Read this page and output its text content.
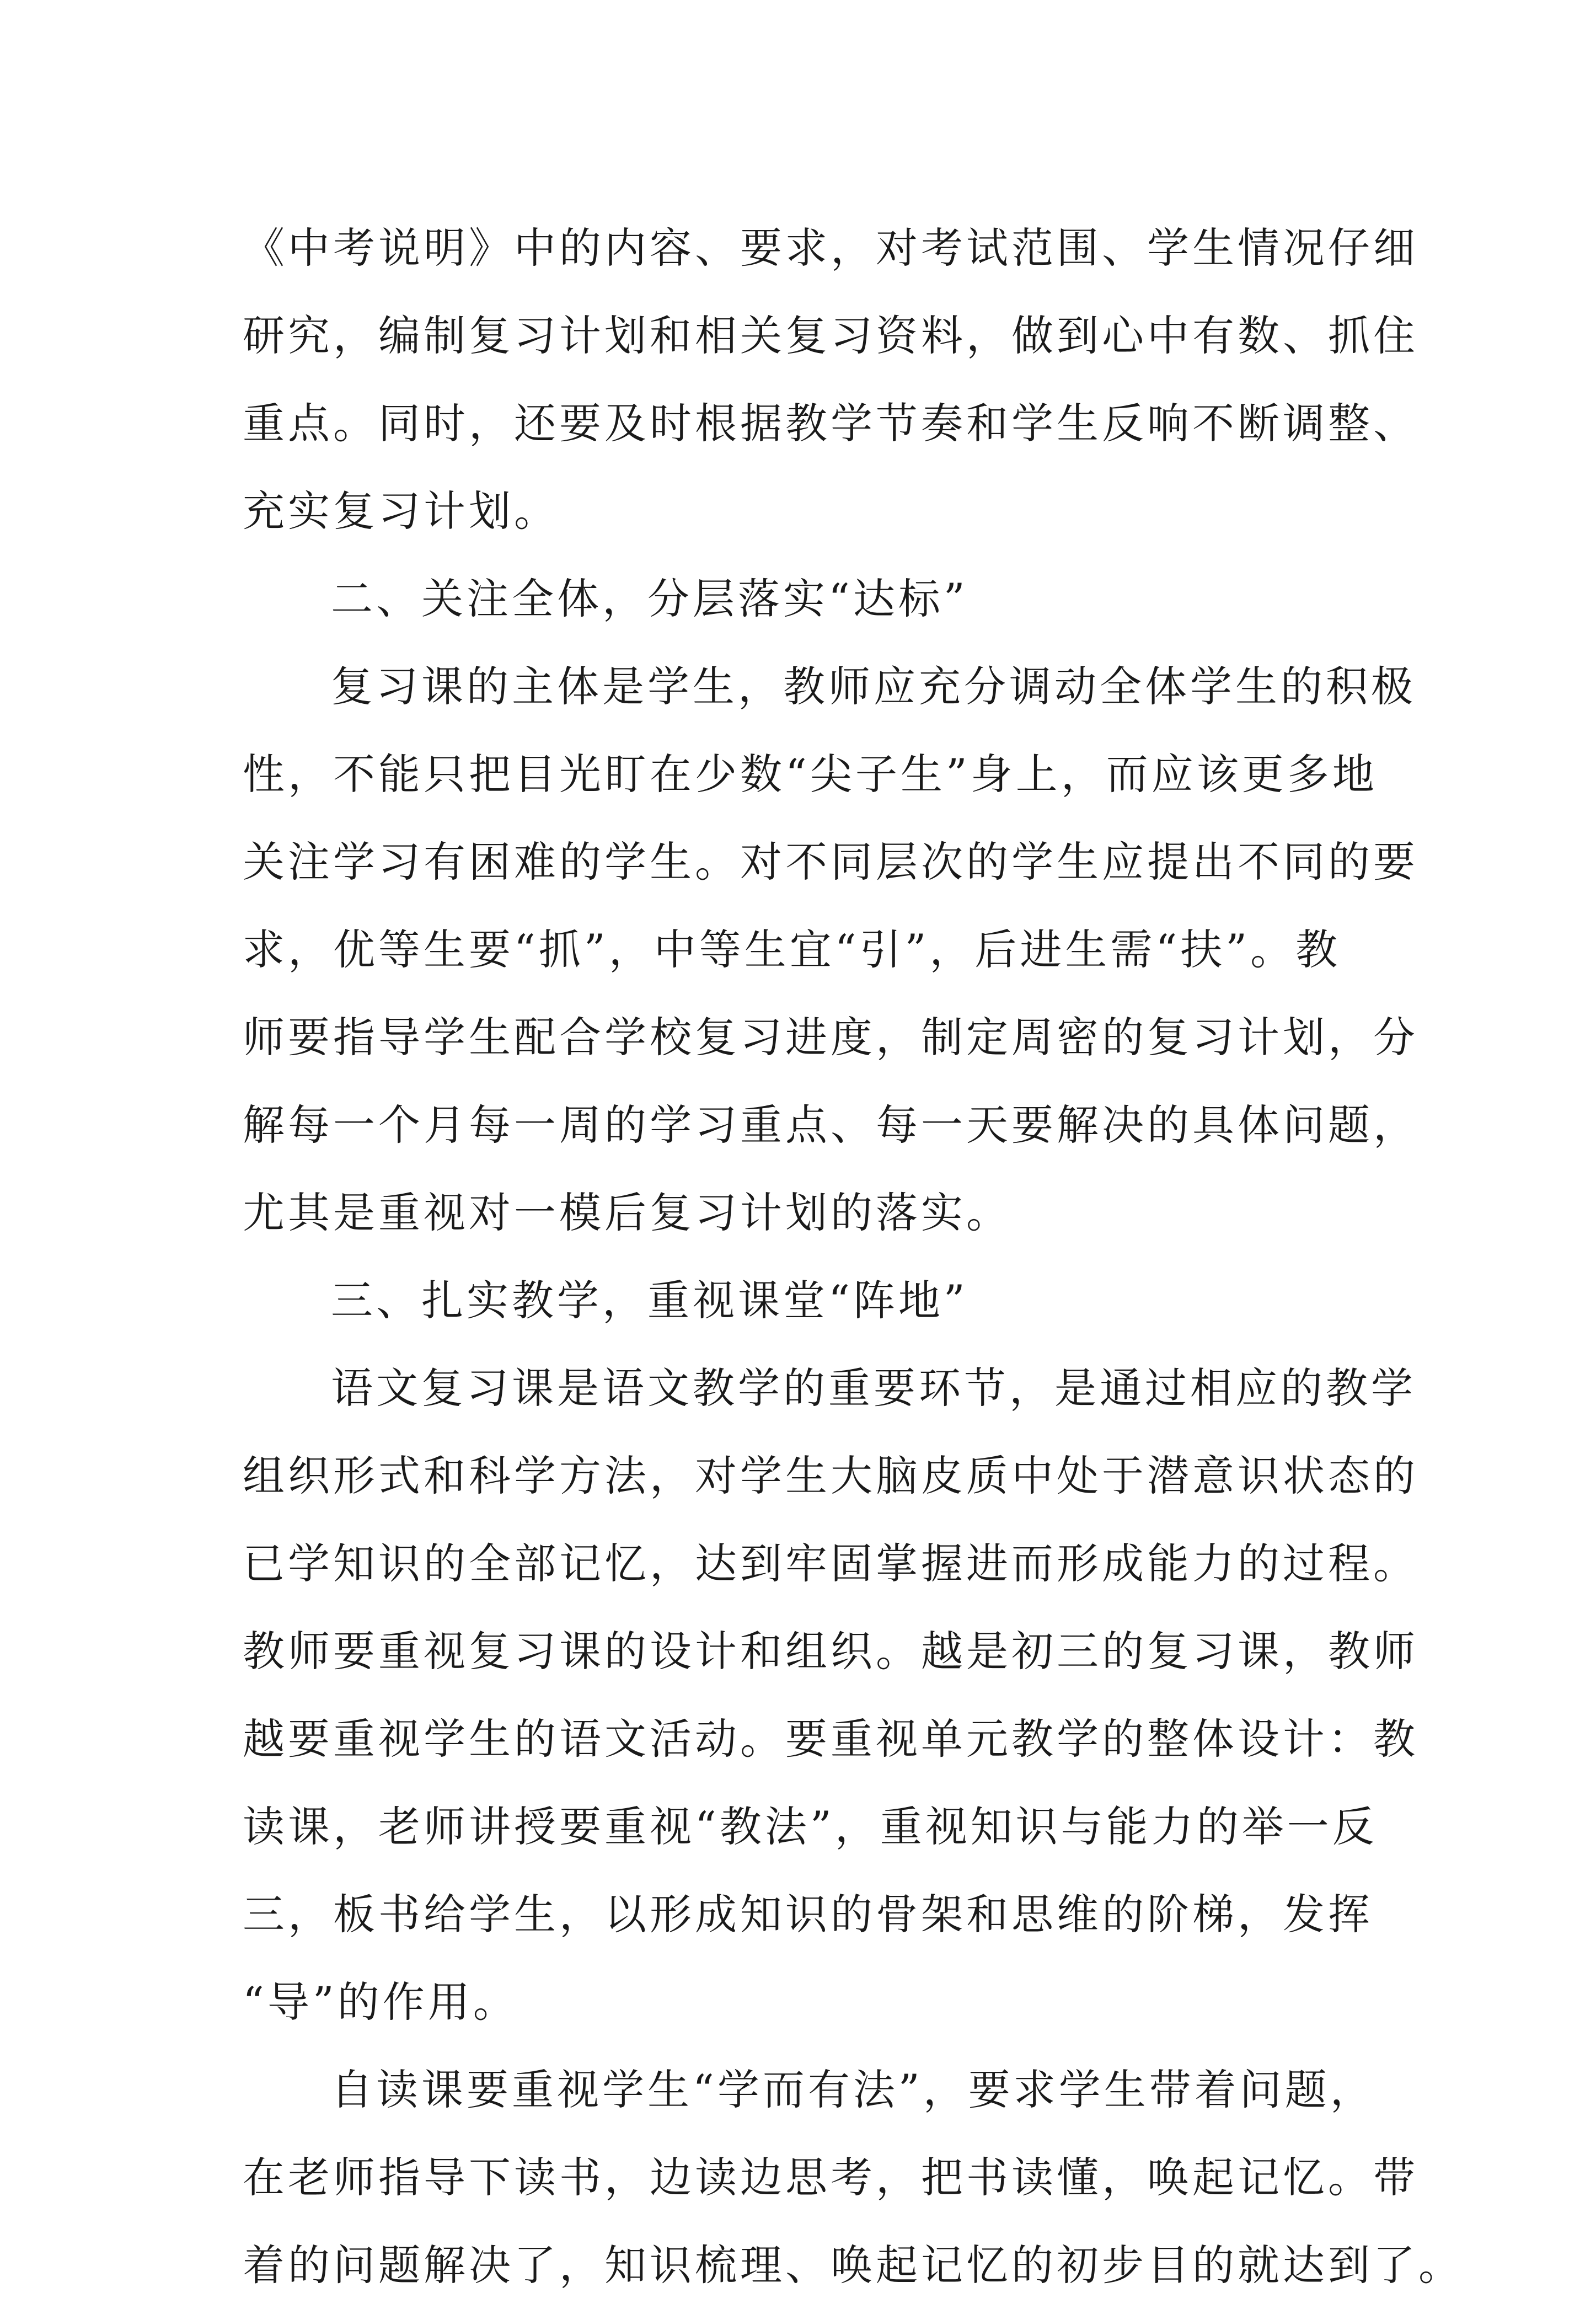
《中考说明》中的内容、要求，对考试范围、学生情况仔细
研究，编制复习计划和相关复习资料，做到心中有数、抓住
重点。同时，还要及时根据教学节奏和学生反响不断调整、
充实复习计划。
二、关注全体，分层落实“达标”
复习课的主体是学生，教师应充分调动全体学生的积极
性，不能只把目光盯在少数“尖子生”身上，而应该更多地
关注学习有困难的学生。对不同层次的学生应提出不同的要
求，优等生要“抓”，中等生宜“引”，后进生需“扶”。教
师要指导学生配合学校复习进度，制定周密的复习计划，分
解每一个月每一周的学习重点、每一天要解决的具体问题，
尤其是重视对一模后复习计划的落实。
三、扎实教学，重视课堂“阵地”
语文复习课是语文教学的重要环节，是通过相应的教学
组织形式和科学方法，对学生大脑皮质中处于潜意识状态的
已学知识的全部记忆，达到牢固掌握进而形成能力的过程。
教师要重视复习课的设计和组织。越是初三的复习课，教师
越要重视学生的语文活动。要重视单元教学的整体设计：教
读课，老师讲授要重视“教法”，重视知识与能力的举一反
三，板书给学生，以形成知识的骨架和思维的阶梯，发挥
“导”的作用。
自读课要重视学生“学而有法”，要求学生带着问题，
在老师指导下读书，边读边思考，把书读懂，唤起记忆。带
着的问题解决了，知识梳理、唤起记忆的初步目的就达到了。
